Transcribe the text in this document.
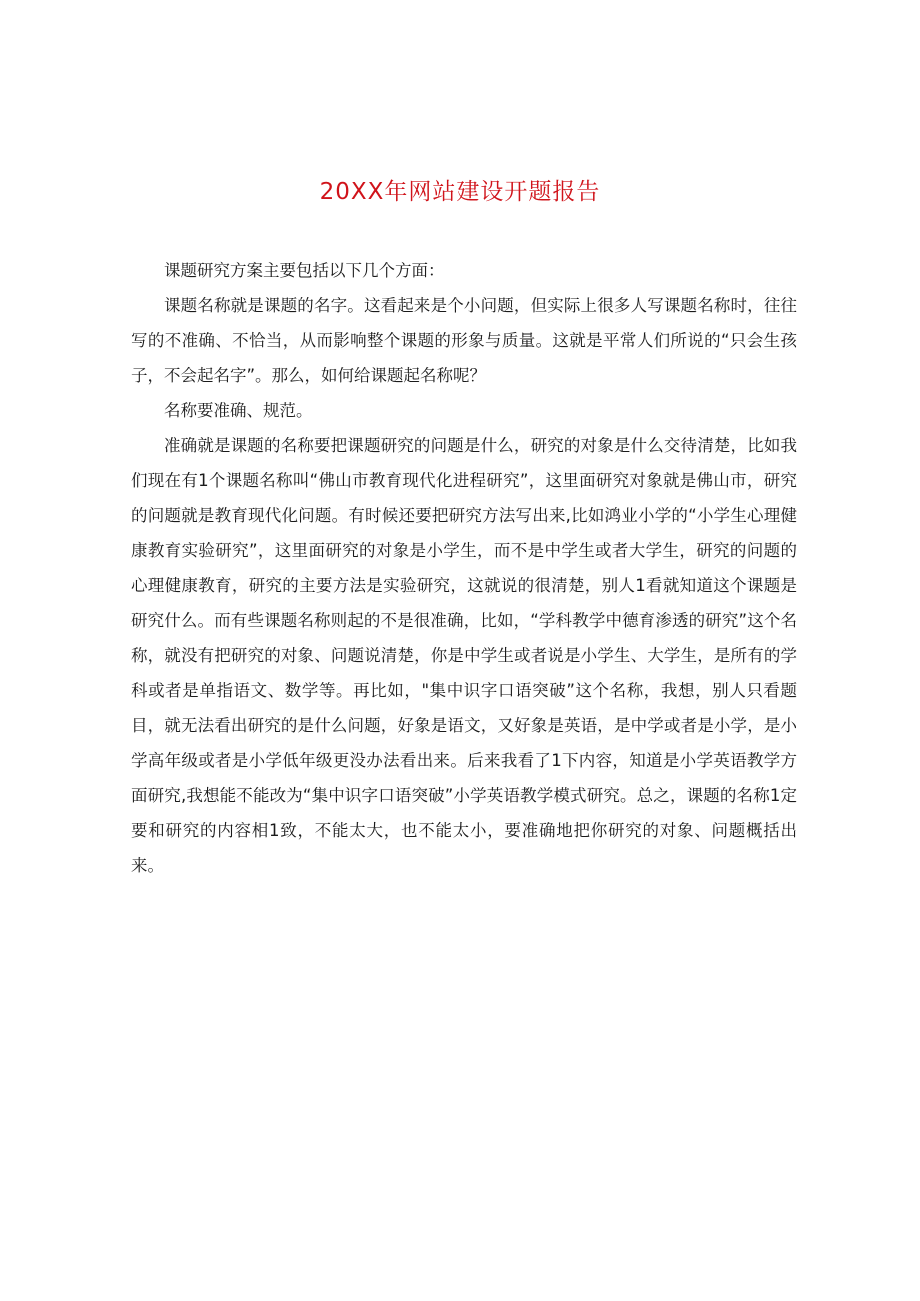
20XX年网站建设开题报告

课题研究方案主要包括以下几个方面：

课题名称就是课题的名字。这看起来是个小问题，但实际上很多人写课题名称时，往往写的不准确、不恰当，从而影响整个课题的形象与质量。这就是平常人们所说的“只会生孩子，不会起名字”。那么，如何给课题起名称呢？

名称要准确、规范。

准确就是课题的名称要把课题研究的问题是什么，研究的对象是什么交待清楚，比如我们现在有1个课题名称叫“佛山市教育现代化进程研究”，这里面研究对象就是佛山市，研究的问题就是教育现代化问题。有时候还要把研究方法写出来,比如鸿业小学的“小学生心理健康教育实验研究”，这里面研究的对象是小学生，而不是中学生或者大学生，研究的问题的心理健康教育，研究的主要方法是实验研究，这就说的很清楚，别人1看就知道这个课题是研究什么。而有些课题名称则起的不是很准确，比如，“学科教学中德育渗透的研究”这个名称，就没有把研究的对象、问题说清楚，你是中学生或者说是小学生、大学生，是所有的学科或者是单指语文、数学等。再比如，"集中识字口语突破”这个名称，我想，别人只看题目，就无法看出研究的是什么问题，好象是语文，又好象是英语，是中学或者是小学，是小学高年级或者是小学低年级更没办法看出来。后来我看了1下内容，知道是小学英语教学方面研究,我想能不能改为“集中识字口语突破”小学英语教学模式研究。总之，课题的名称1定要和研究的内容相1致，不能太大，也不能太小，要准确地把你研究的对象、问题概括出来。
